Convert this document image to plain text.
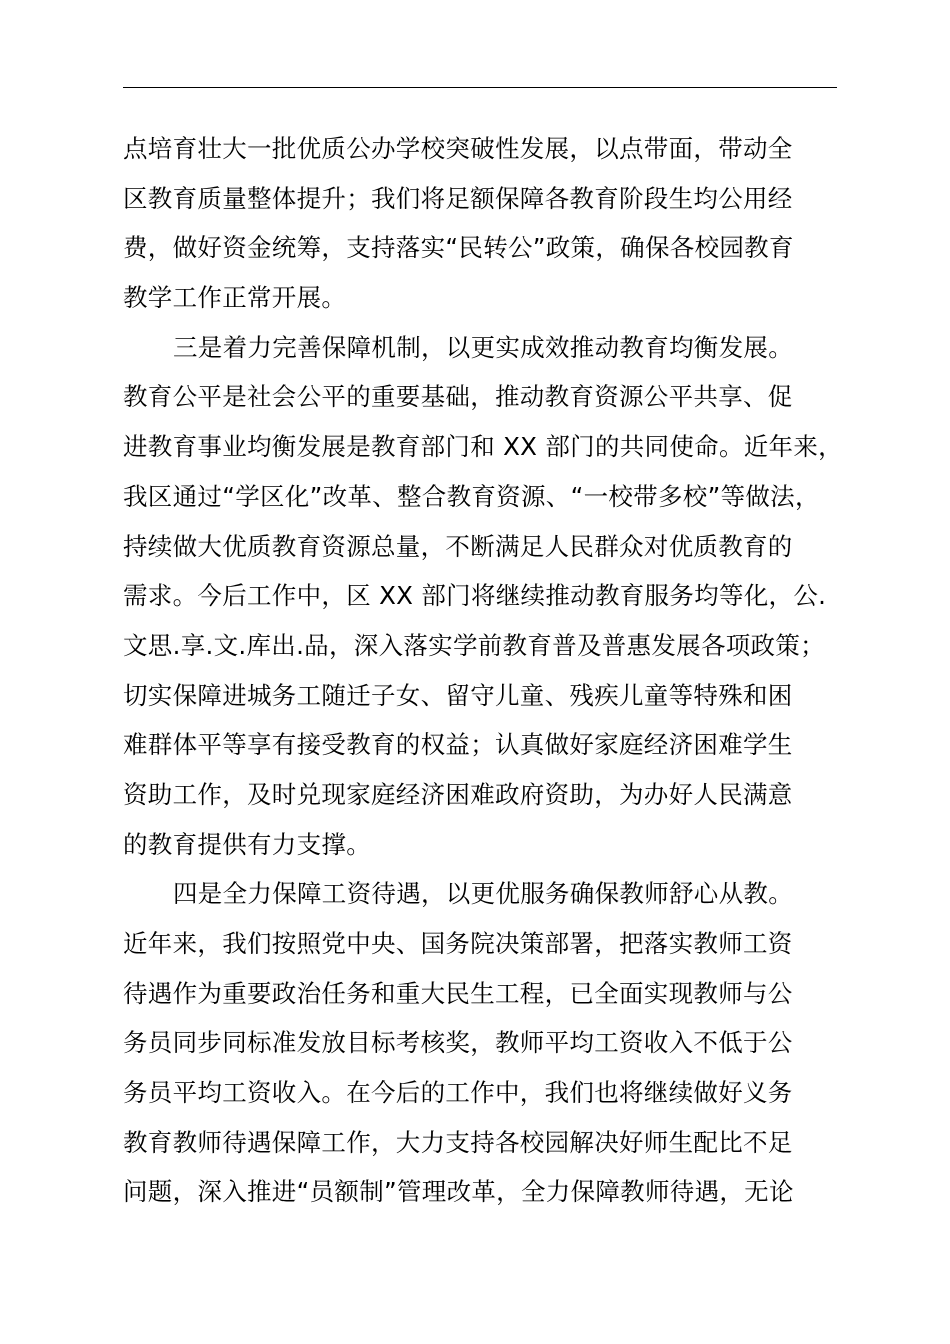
点培育壮大一批优质公办学校突破性发展，以点带面，带动全
区教育质量整体提升；我们将足额保障各教育阶段生均公用经
费，做好资金统筹，支持落实“民转公”政策，确保各校园教育
教学工作正常开展。
三是着力完善保障机制，以更实成效推动教育均衡发展。
教育公平是社会公平的重要基础，推动教育资源公平共享、促
进教育事业均衡发展是教育部门和 XX 部门的共同使命。近年来，
我区通过“学区化”改革、整合教育资源、“一校带多校”等做法，
持续做大优质教育资源总量，不断满足人民群众对优质教育的
需求。今后工作中，区 XX 部门将继续推动教育服务均等化，公.
文思.享.文.库出.品，深入落实学前教育普及普惠发展各项政策；
切实保障进城务工随迁子女、留守儿童、残疾儿童等特殊和困
难群体平等享有接受教育的权益；认真做好家庭经济困难学生
资助工作，及时兑现家庭经济困难政府资助，为办好人民满意
的教育提供有力支撑。
四是全力保障工资待遇，以更优服务确保教师舒心从教。
近年来，我们按照党中央、国务院决策部署，把落实教师工资
待遇作为重要政治任务和重大民生工程，已全面实现教师与公
务员同步同标准发放目标考核奖，教师平均工资收入不低于公
务员平均工资收入。在今后的工作中，我们也将继续做好义务
教育教师待遇保障工作，大力支持各校园解决好师生配比不足
问题，深入推进“员额制”管理改革，全力保障教师待遇，无论
